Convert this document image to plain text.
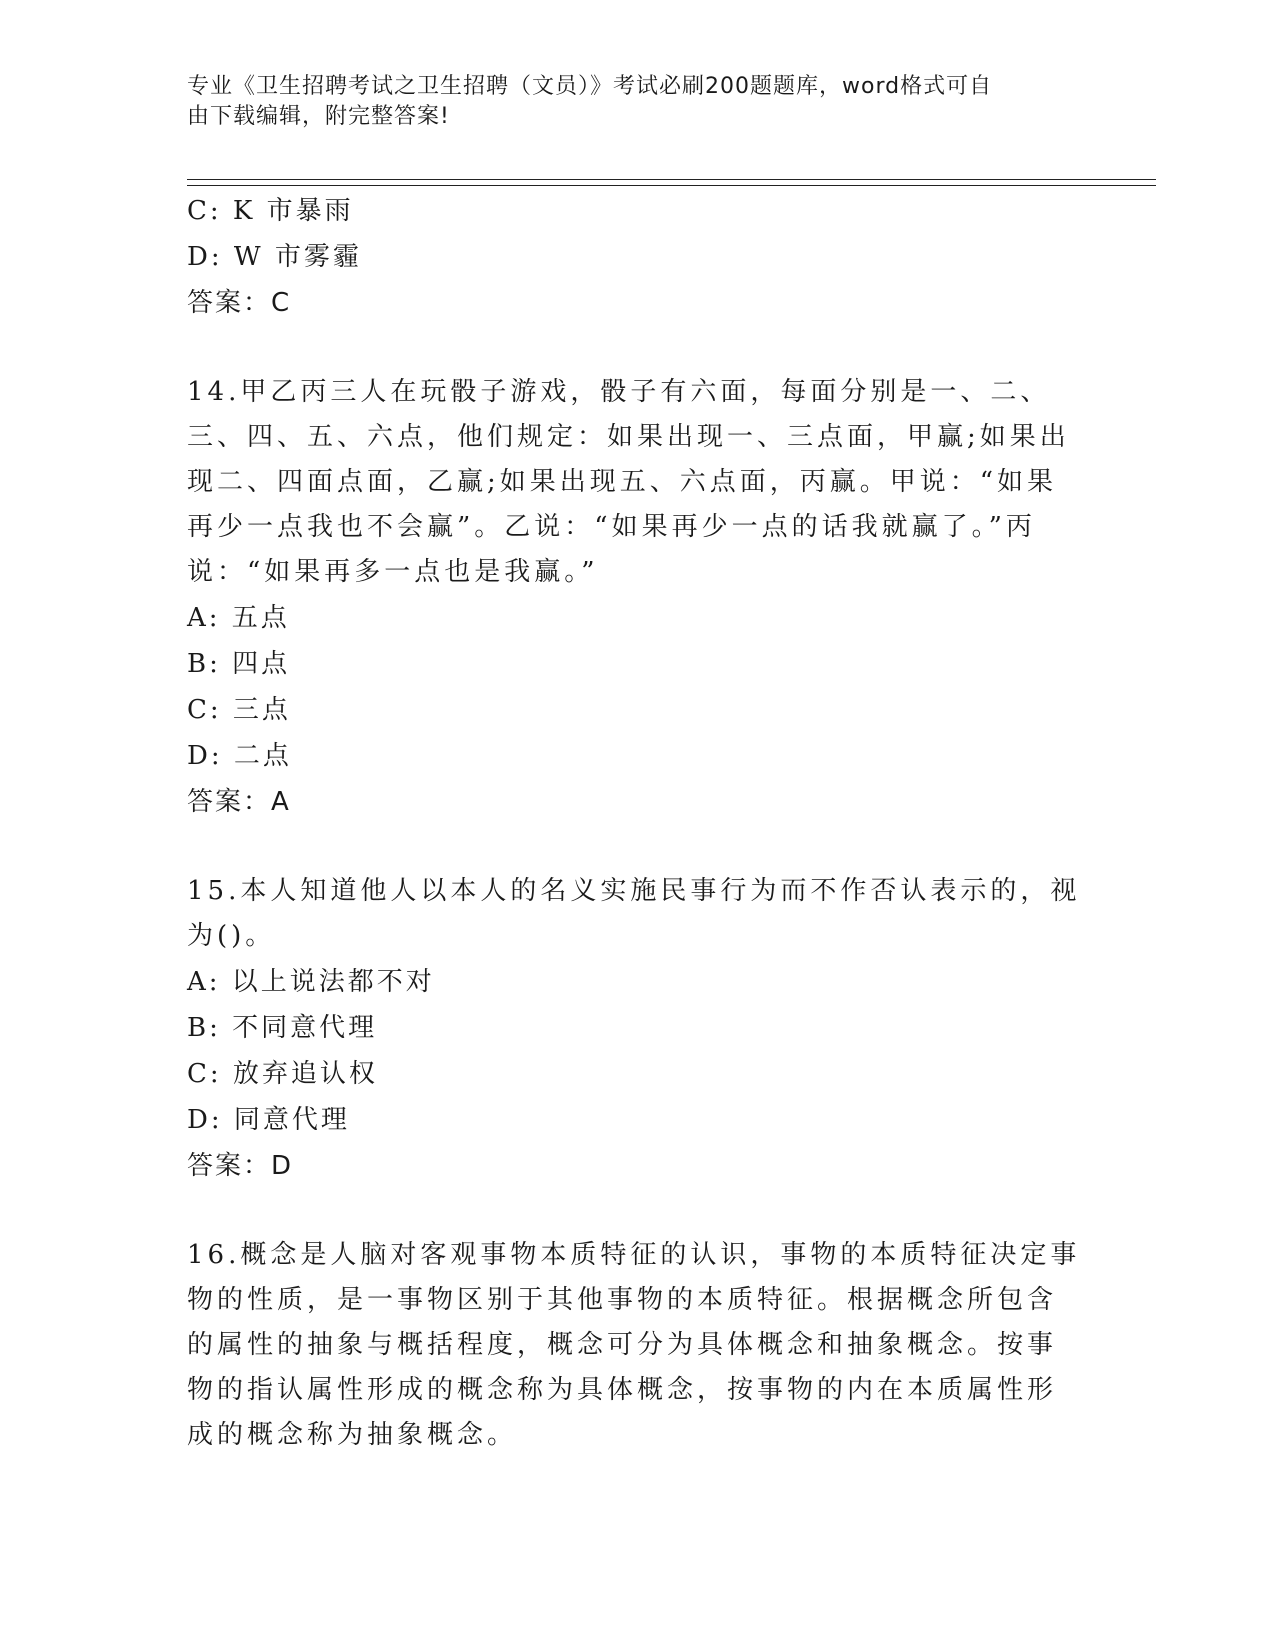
专业《卫生招聘考试之卫生招聘（文员）》考试必刷200题题库，word格式可自
由下载编辑，附完整答案!
C: K 市暴雨
D: W 市雾霾
答案：C
14.甲乙丙三人在玩骰子游戏，骰子有六面，每面分别是一、二、三、四、五、六点，他们规定：如果出现一、三点面，甲赢;如果出现二、四面点面，乙赢;如果出现五、六点面，丙赢。甲说：“如果再少一点我也不会赢”。乙说：“如果再少一点的话我就赢了。”丙说：“如果再多一点也是我赢。”
A: 五点
B: 四点
C: 三点
D: 二点
答案：A
15.本人知道他人以本人的名义实施民事行为而不作否认表示的，视为()。
A: 以上说法都不对
B: 不同意代理
C: 放弃追认权
D: 同意代理
答案：D
16.概念是人脑对客观事物本质特征的认识，事物的本质特征决定事物的性质，是一事物区别于其他事物的本质特征。根据概念所包含的属性的抽象与概括程度，概念可分为具体概念和抽象概念。按事物的指认属性形成的概念称为具体概念，按事物的内在本质属性形成的概念称为抽象概念。
